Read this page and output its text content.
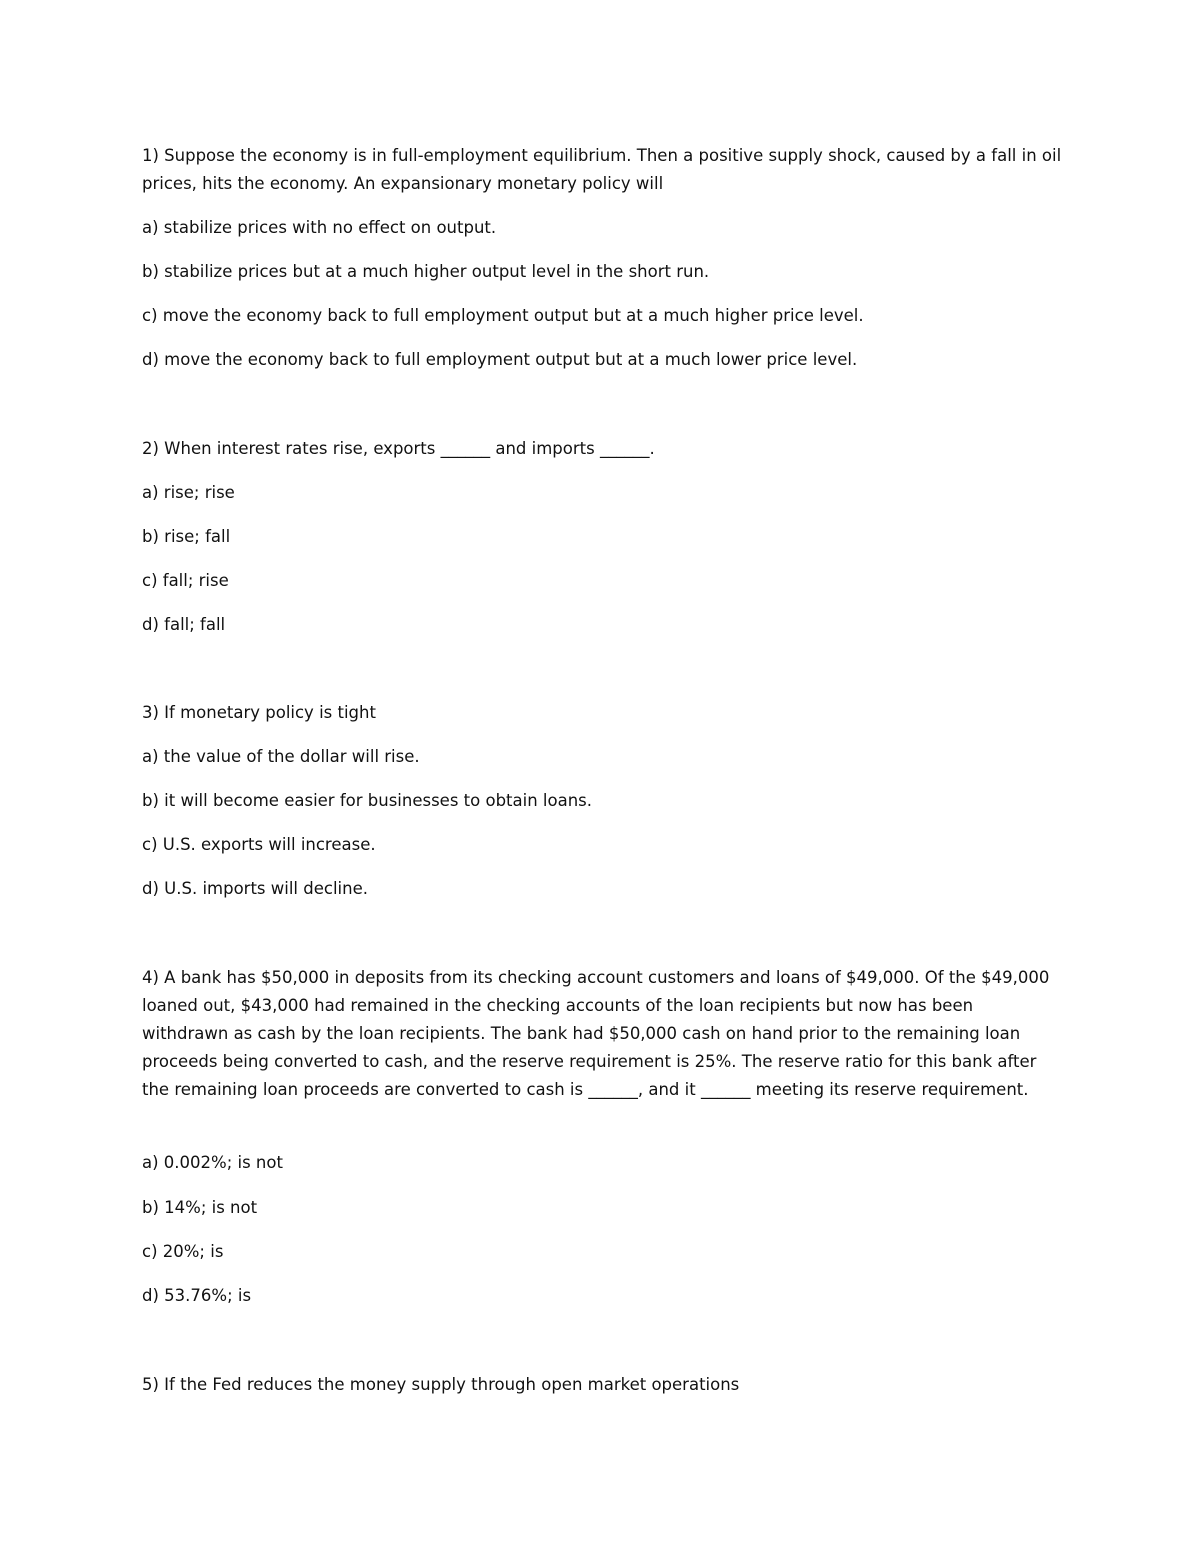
1) Suppose the economy is in full-employment equilibrium. Then a positive supply shock, caused by a fall in oil prices, hits the economy. An expansionary monetary policy will

a) stabilize prices with no effect on output.

b) stabilize prices but at a much higher output level in the short run.

c) move the economy back to full employment output but at a much higher price level.

d) move the economy back to full employment output but at a much lower price level.

2) When interest rates rise, exports ______ and imports ______.

a) rise; rise

b) rise; fall

c) fall; rise

d) fall; fall

3) If monetary policy is tight

a) the value of the dollar will rise.

b) it will become easier for businesses to obtain loans.

c) U.S. exports will increase.

d) U.S. imports will decline.

4) A bank has $50,000 in deposits from its checking account customers and loans of $49,000. Of the $49,000 loaned out, $43,000 had remained in the checking accounts of the loan recipients but now has been withdrawn as cash by the loan recipients. The bank had $50,000 cash on hand prior to the remaining loan proceeds being converted to cash, and the reserve requirement is 25%. The reserve ratio for this bank after the remaining loan proceeds are converted to cash is ______, and it ______ meeting its reserve requirement.

a) 0.002%; is not

b) 14%; is not

c) 20%; is

d) 53.76%; is

5) If the Fed reduces the money supply through open market operations
